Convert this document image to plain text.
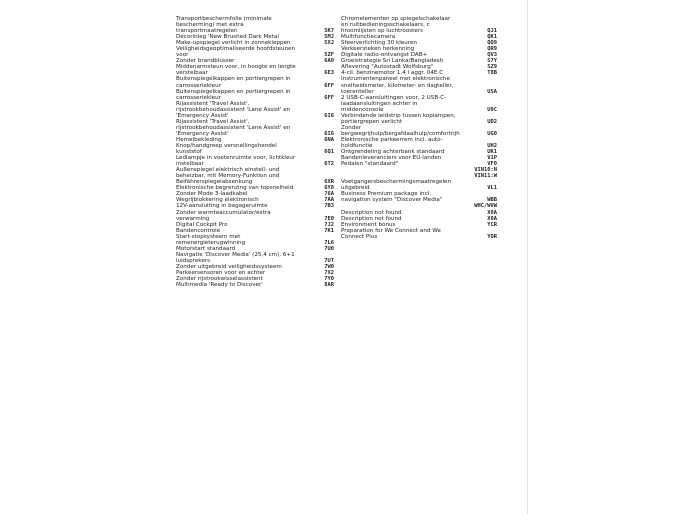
Transportbeschermfolie (minimale
bescherming) met extra
transportmaatregelen	5K7
Decorinleg 'New Brushed Dark Metal	5MJ
Make-upspiegel verlicht in zonnekleppen	5XJ
Veiligheidsgeoptimaliseerde hoofdsteunen
voor	5ZF
Zonder brandblusser	6A0
Middenarmsteun voor, in hoogte en lengte
verstelbaar	6E3
Buitenspiegelkappen en portiergrepen in
carrosseriekleur	6FF
Buitenspiegelkappen en portiergrepen in
carrosseriekleur	6FF
Rijassistent 'Travel Assist',
rijstrookbehoudassistent 'Lane Assist' en
'Emergency Assist'	6I6
Rijassistent 'Travel Assist',
rijstrookbehoudassistent 'Lane Assist' en
'Emergency Assist'	6I6
Hemelbekleding	6NA
Knop/handgreep versnellingshendel
kunststof	6Q1
Ledlampje in voetenruimte voor, lichtkleur
instelbaar	6T2
Außenspiegel elektrisch einstell- und
beheizbar, mit Memory-Funktion und
Beifährerspiegelabsenkung	6XR
Elektronische begrenzing van topsnelheid	6Y8
Zonder Mode 3-laadkabel	76A
Wegrijblokkering elektronisch	7AA
12V-aansluiting in bagageruimte	7B3
Zonder warmteaccumulator/extra
verwarming	7E0
Digital Cockpit Pro	7J2
Bandencontrole	7K1
Start-stopsysteem met
remenergieterugwinning	7L6
Motorstart standaard	7U0
Navigatie 'Discover Media' (25,4 cm), 6+1
luidsprekers	7UT
Zonder uitgebreid veiligheidssysteem	7W0
Parkeersensoren voor en achter	7X2
Zonder rijstrookwisselassistent	7Y0
Multimedia 'Ready to Discover'	8AR
Chromelementen op spiegelschakelaar
en ruitbedieningsschakelaars, c
hroomlijsten op luchtroosters	QJ1
Multifunctiecamera	QK1
Sfeerverlichting 30 kleuren	QQ9
Verkeersteken herkenning	QR9
Digitale radio-ontvangst DAB+	QV3
Groeistrategie Sri Lanka/Bangladesh	S7Y
Aflevering "Autostadt Wolfsburg"	SZ9
4-cil. benzinemotor 1,4 l aggr. 04E.C	T8B
Instrumentenpaneel met elektronische
snelheidsmeter, kilometer- en dagteller,
toerenteller	USA
2 USB-C-aansluitingen voor, 2 USB-C-
laadaansluitingen achter in
middenconsole	U9C
Verbindende leidstrip tussen koplampen,
portiergrepen verlicht	UD2
Zonder
bergwegrijhulp/bergafdaalhulp/comfortrijh	UG0
Elektronische parkeerrem incl. auto-
holdfunctie	UH2
Ontgrendeling achterbank standaard	UK1
Bandenleveranciers voor EU-landen	V1P
Pedalen "standaard"	VF0
VIN10:N
VIN11:W
Voetgangersbeschermingsmaatregelen
uitgebreid	VL1
Business Premium package incl.
navigation system "Discover Media"	WBB
WHC/WVW
Description not found	X0A
Description not found	X0A
Environment bonus	YCR
Preparation for We Connect and We
Connect Plus	YOR
